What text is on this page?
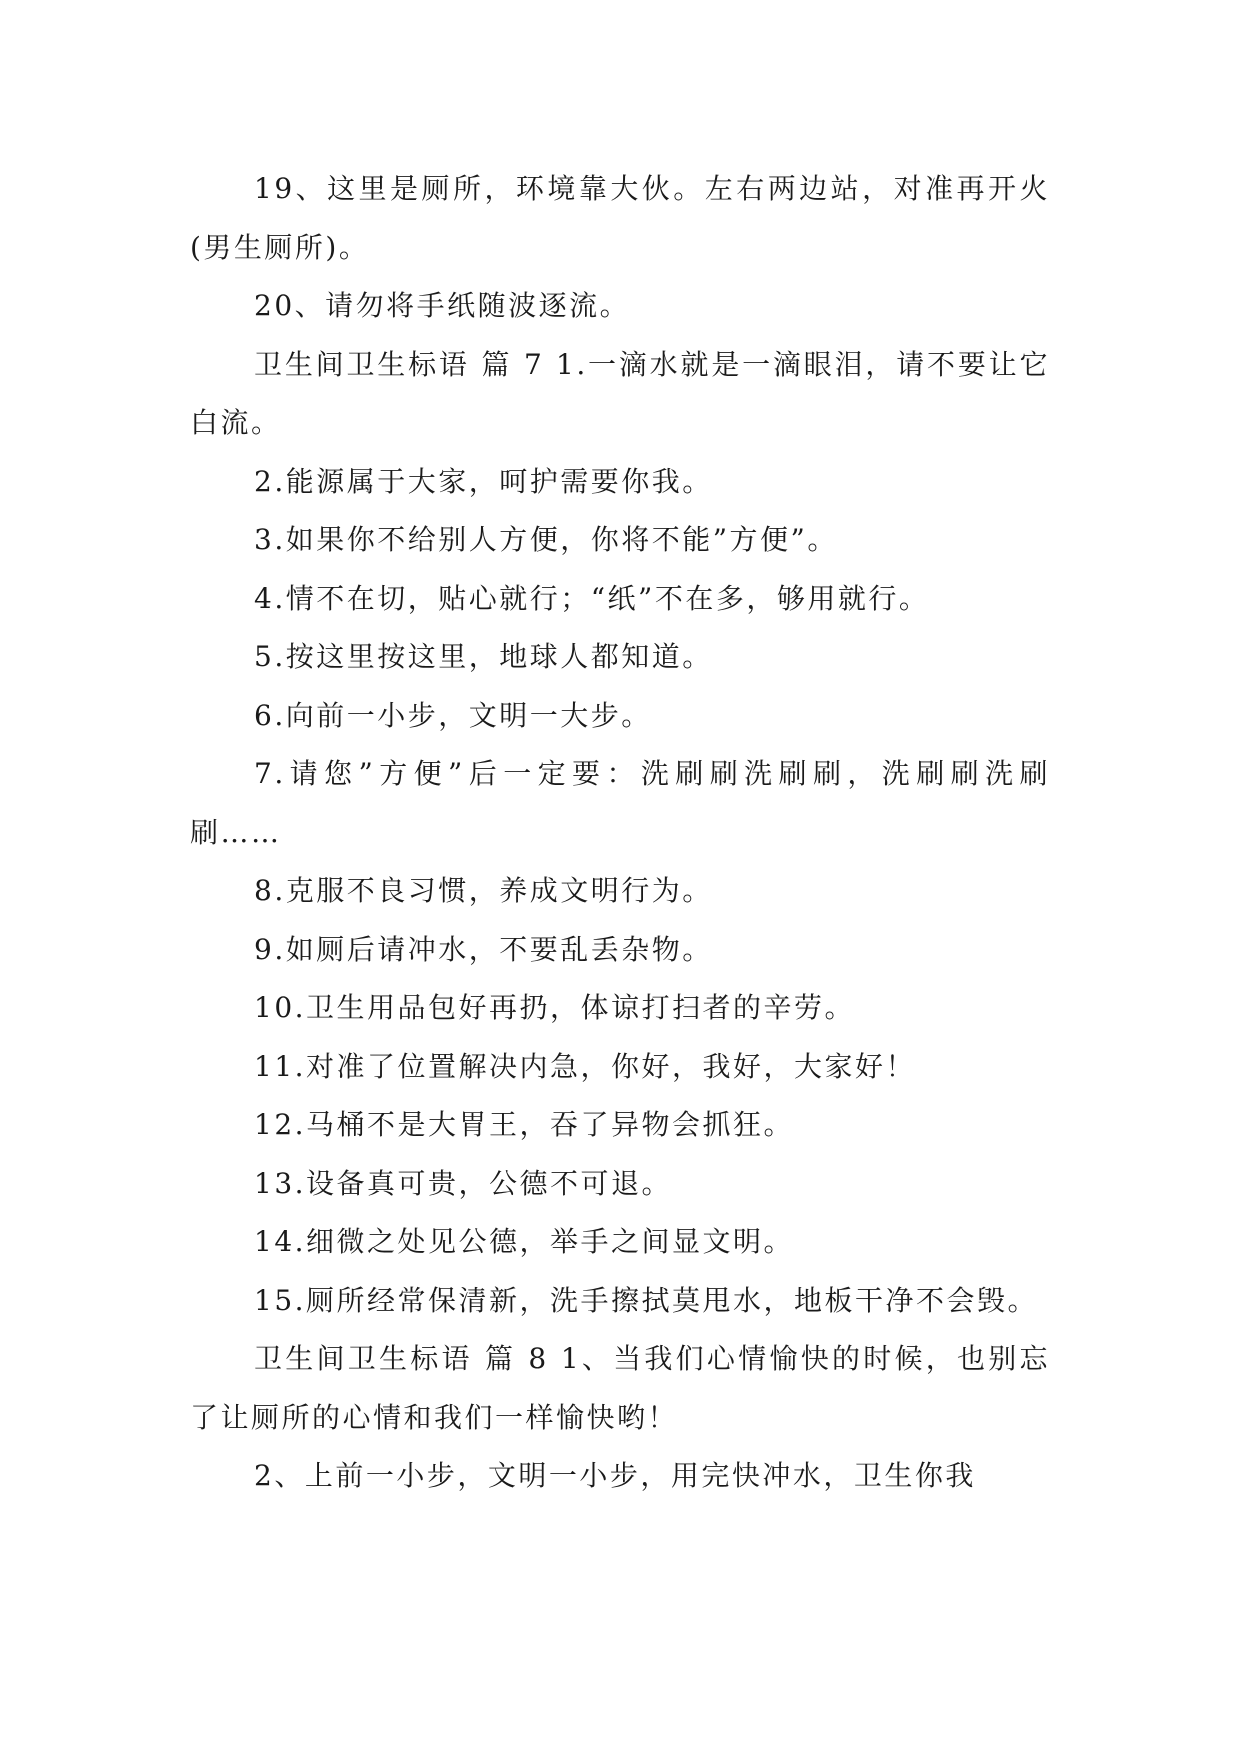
19、这里是厕所，环境靠大伙。左右两边站，对准再开火(男生厕所)。

20、请勿将手纸随波逐流。

卫生间卫生标语 篇 7 1.一滴水就是一滴眼泪，请不要让它白流。

2.能源属于大家，呵护需要你我。

3.如果你不给别人方便，你将不能”方便”。

4.情不在切，贴心就行；“纸”不在多，够用就行。

5.按这里按这里，地球人都知道。

6.向前一小步，文明一大步。

7.请您”方便”后一定要：洗刷刷洗刷刷，洗刷刷洗刷刷……

8.克服不良习惯，养成文明行为。

9.如厕后请冲水，不要乱丢杂物。

10.卫生用品包好再扔，体谅打扫者的辛劳。

11.对准了位置解决内急，你好，我好，大家好！

12.马桶不是大胃王，吞了异物会抓狂。

13.设备真可贵，公德不可退。

14.细微之处见公德，举手之间显文明。

15.厕所经常保清新，洗手擦拭莫甩水，地板干净不会毁。

卫生间卫生标语 篇 8 1、当我们心情愉快的时候，也别忘了让厕所的心情和我们一样愉快哟！

2、上前一小步，文明一小步，用完快冲水，卫生你我
